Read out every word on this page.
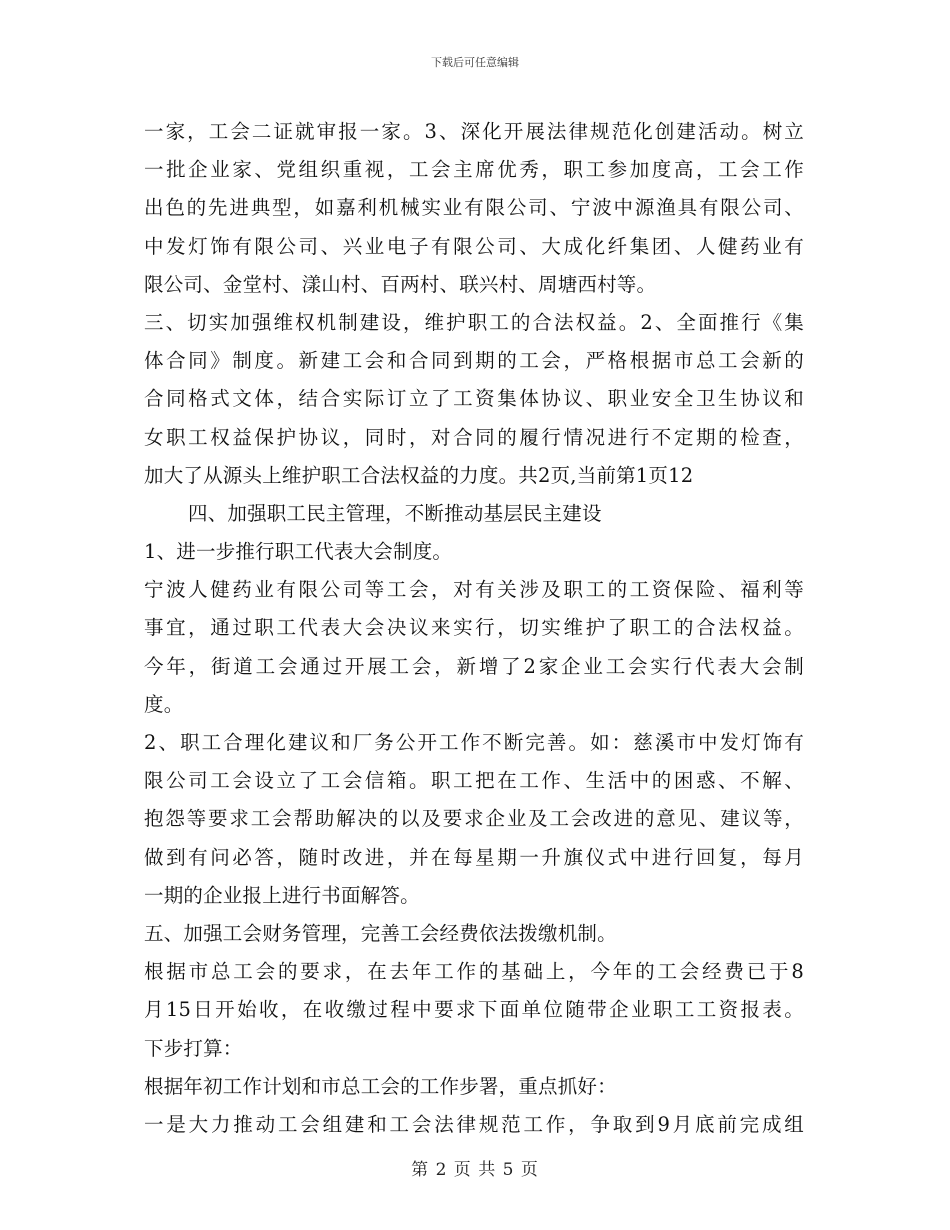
下载后可任意编辑
一家，工会二证就审报一家。3、深化开展法律规范化创建活动。树立
一批企业家、党组织重视，工会主席优秀，职工参加度高，工会工作
出色的先进典型，如嘉利机械实业有限公司、宁波中源渔具有限公司、
中发灯饰有限公司、兴业电子有限公司、大成化纤集团、人健药业有
限公司、金堂村、漾山村、百两村、联兴村、周塘西村等。
三、切实加强维权机制建设，维护职工的合法权益。2、全面推行《集
体合同》制度。新建工会和合同到期的工会，严格根据市总工会新的
合同格式文体，结合实际订立了工资集体协议、职业安全卫生协议和
女职工权益保护协议，同时，对合同的履行情况进行不定期的检查，
加大了从源头上维护职工合法权益的力度。共2页,当前第1页12
四、加强职工民主管理，不断推动基层民主建设
1、进一步推行职工代表大会制度。
宁波人健药业有限公司等工会，对有关涉及职工的工资保险、福利等
事宜，通过职工代表大会决议来实行，切实维护了职工的合法权益。
今年，街道工会通过开展工会，新增了2家企业工会实行代表大会制
度。
2、职工合理化建议和厂务公开工作不断完善。如：慈溪市中发灯饰有
限公司工会设立了工会信箱。职工把在工作、生活中的困惑、不解、
抱怨等要求工会帮助解决的以及要求企业及工会改进的意见、建议等，
做到有问必答，随时改进，并在每星期一升旗仪式中进行回复，每月
一期的企业报上进行书面解答。
五、加强工会财务管理，完善工会经费依法拨缴机制。
根据市总工会的要求，在去年工作的基础上，今年的工会经费已于8
月15日开始收，在收缴过程中要求下面单位随带企业职工工资报表。
下步打算：
根据年初工作计划和市总工会的工作步署，重点抓好：
一是大力推动工会组建和工会法律规范工作，争取到9月底前完成组
第 2 页 共 5 页
